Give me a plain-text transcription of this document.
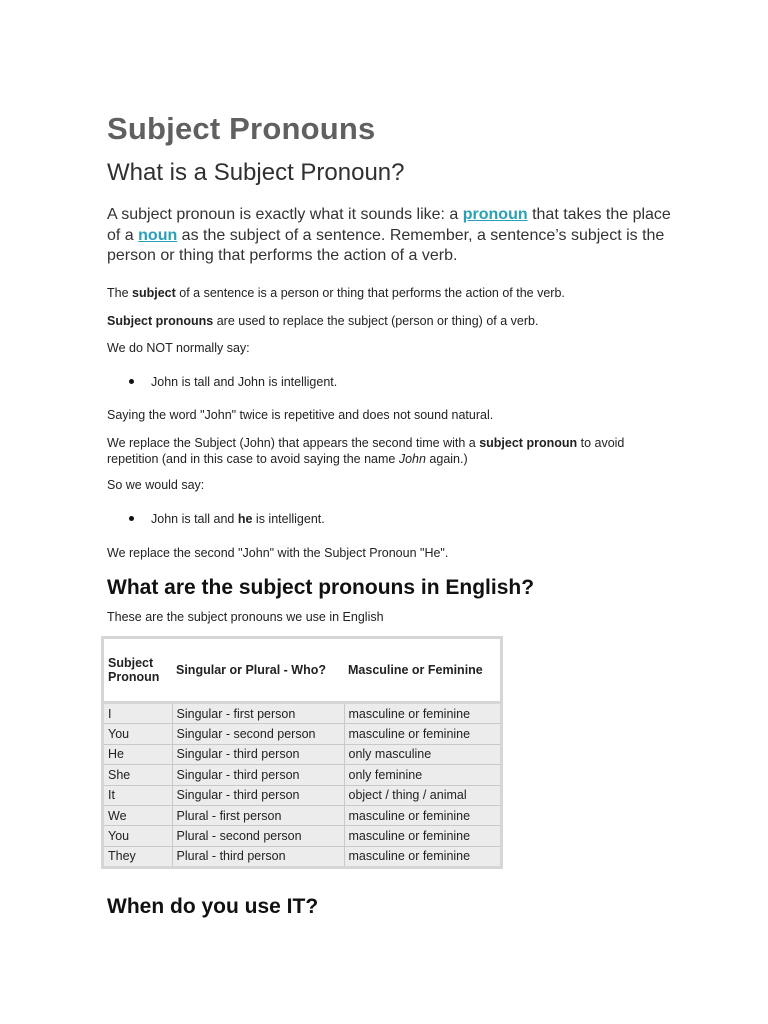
Subject Pronouns
What is a Subject Pronoun?

A subject pronoun is exactly what it sounds like: a pronoun that takes the place of a noun as the subject of a sentence. Remember, a sentence’s subject is the person or thing that performs the action of a verb.

The subject of a sentence is a person or thing that performs the action of the verb.

Subject pronouns are used to replace the subject (person or thing) of a verb.

We do NOT normally say:

John is tall and John is intelligent.

Saying the word "John" twice is repetitive and does not sound natural.

We replace the Subject (John) that appears the second time with a subject pronoun to avoid repetition (and in this case to avoid saying the name John again.)

So we would say:

John is tall and he is intelligent.

We replace the second "John" with the Subject Pronoun "He".

What are the subject pronouns in English?

These are the subject pronouns we use in English

Subject Pronoun	Singular or Plural - Who?	Masculine or Feminine
I	Singular - first person	masculine or feminine
You	Singular - second person	masculine or feminine
He	Singular - third person	only masculine
She	Singular - third person	only feminine
It	Singular - third person	object / thing / animal
We	Plural - first person	masculine or feminine
You	Plural - second person	masculine or feminine
They	Plural - third person	masculine or feminine
When do you use IT?
